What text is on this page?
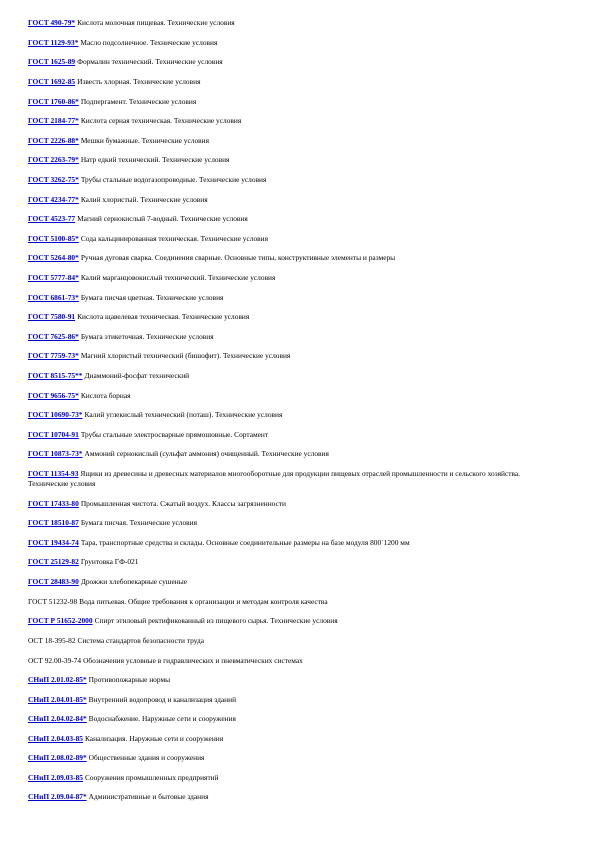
ГОСТ 490-79* Кислота молочная пищевая. Технические условия
ГОСТ 1129-93* Масло подсолнечное. Технические условия
ГОСТ 1625-89 Формалин технический. Технические условия
ГОСТ 1692-85 Известь хлорная. Технические условия
ГОСТ 1760-86* Подпергамент. Технические условия
ГОСТ 2184-77* Кислота серная техническая. Технические условия
ГОСТ 2226-88* Мешки бумажные. Технические условия
ГОСТ 2263-79* Натр едкий технический. Технические условия
ГОСТ 3262-75* Трубы стальные водогазопроводные. Технические условия
ГОСТ 4234-77* Калий хлористый. Технические условия
ГОСТ 4523-77 Магний сернокислый 7-водный. Технические условия
ГОСТ 5100-85* Сода кальцинированная техническая. Технические условия
ГОСТ 5264-80* Ручная дуговая сварка. Соединения сварные. Основные типы, конструктивные элементы и размеры
ГОСТ 5777-84* Калий марганцовокислый технический. Технические условия
ГОСТ 6861-73* Бумага писчая цветная. Технические условия
ГОСТ 7580-91 Кислота щавелевая техническая. Технические условия
ГОСТ 7625-86* Бумага этикеточная. Технические условия
ГОСТ 7759-73* Магний хлористый технический (бишофит). Технические условия
ГОСТ 8515-75** Диаммоний-фосфат технический
ГОСТ 9656-75* Кислота борная
ГОСТ 10690-73* Калий углекислый технический (поташ). Технические условия
ГОСТ 10704-91 Трубы стальные электросварные прямошовные. Сортамент
ГОСТ 10873-73* Аммоний сернокислый (сульфат аммония) очищенный. Технические условия
ГОСТ 11354-93 Ящики из древесины и древесных материалов многооборотные для продукции пищевых отраслей промышленности и сельского хозяйства. Технические условия
ГОСТ 17433-80 Промышленная чистота. Сжатый воздух. Классы загрязненности
ГОСТ 18510-87 Бумага писчая. Технические условия
ГОСТ 19434-74 Тара, транспортные средства и склады. Основные соединительные размеры на базе модуля 800´1200 мм
ГОСТ 25129-82 Грунтовка ГФ-021
ГОСТ 28483-90 Дрожжи хлебопекарные сушеные
ГОСТ 51232-98 Вода питьевая. Общие требования к организации и методам контроля качества
ГОСТ Р 51652-2000 Спирт этиловый ректификованный из пищевого сырья. Технические условия
ОСТ 18-395-82 Система стандартов безопасности труда
ОСТ 92.00-39-74 Обозначения условные в гидравлических и пневматических системах
СНиП 2.01.02-85* Противопожарные нормы
СНиП 2.04.01-85* Внутренний водопровод и канализация зданий
СНиП 2.04.02-84* Водоснабжение. Наружные сети и сооружения
СНиП 2.04.03-85 Канализация. Наружные сети и сооружения
СНиП 2.08.02-89* Общественные здания и сооружения
СНиП 2.09.03-85 Сооружения промышленных предприятий
СНиП 2.09.04-87* Административные и бытовые здания
